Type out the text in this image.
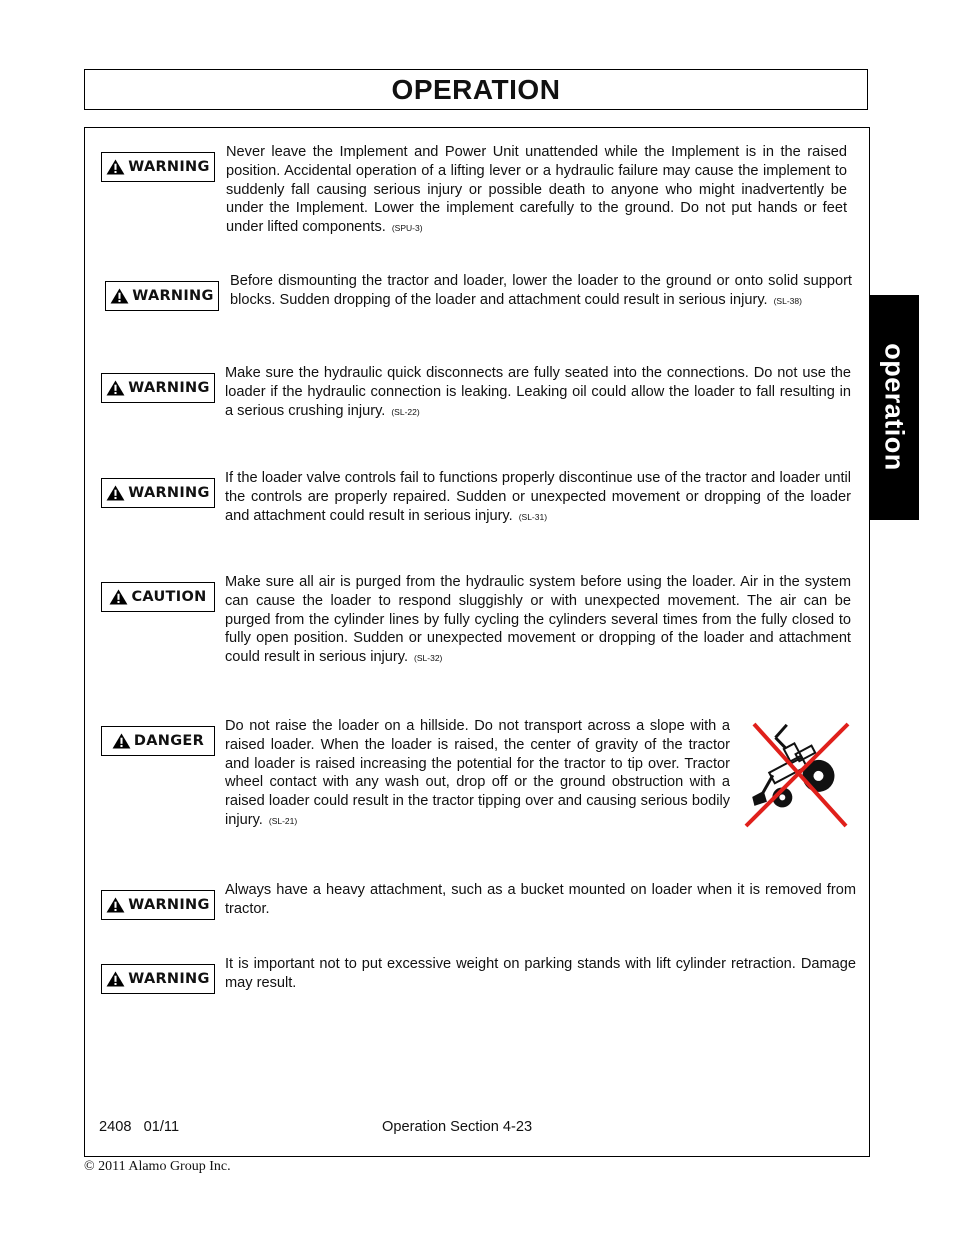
OPERATION
operation
WARNING
Never leave the Implement and Power Unit unattended while the Implement is in the raised position. Accidental operation of a lifting lever or a hydraulic failure may cause the implement to suddenly fall causing serious injury or possible death to anyone who might inadvertently be under the Implement. Lower the implement carefully to the ground. Do not put hands or feet under lifted components. (SPU-3)
WARNING
Before dismounting the tractor and loader, lower the loader to the ground or onto solid support blocks. Sudden dropping of the loader and attachment could result in serious injury. (SL-38)
WARNING
Make sure the hydraulic quick disconnects are fully seated into the connections. Do not use the loader if the hydraulic connection is leaking. Leaking oil could allow the loader to fall resulting in a serious crushing injury. (SL-22)
WARNING
If the loader valve controls fail to functions properly discontinue use of the tractor and loader until the controls are properly repaired. Sudden or unexpected movement or dropping of the loader and attachment could result in serious injury. (SL-31)
CAUTION
Make sure all air is purged from the hydraulic system before using the loader. Air in the system can cause the loader to respond sluggishly or with unexpected movement. The air can be purged from the cylinder lines by fully cycling the cylinders several times from the fully closed to fully open position. Sudden or unexpected movement or dropping of the loader and attachment could result in serious injury. (SL-32)
DANGER
Do not raise the loader on a hillside. Do not transport across a slope with a raised loader. When the loader is raised, the center of gravity of the tractor and loader is raised increasing the potential for the tractor to tip over. Tractor wheel contact with any wash out, drop off or the ground obstruction with a raised loader could result in the tractor tipping over and causing serious bodily injury. (SL-21)
WARNING
Always have a heavy attachment, such as a bucket mounted on loader when it is removed from tractor.
WARNING
It is important not to put excessive weight on parking stands with lift cylinder retraction. Damage may result.
2408   01/11	Operation Section 4-23
© 2011 Alamo Group Inc.
